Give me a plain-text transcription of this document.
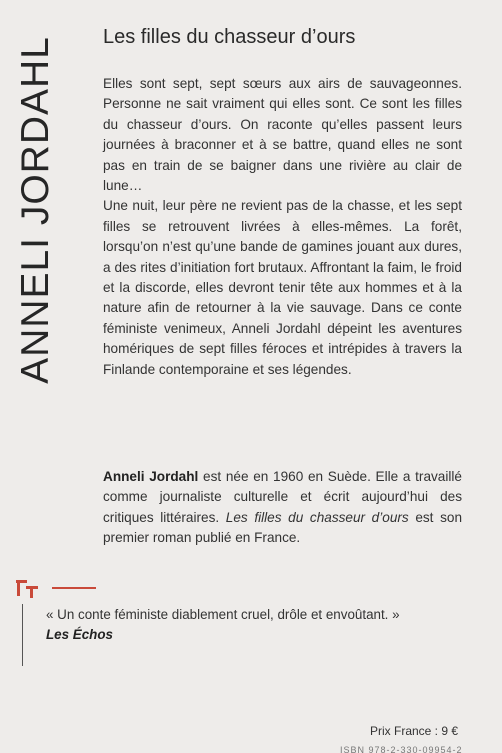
ANNELI JORDAHL Les filles du chasseur d’ours

Elles sont sept, sept sœurs aux airs de sauvageonnes. Personne ne sait vraiment qui elles sont. Ce sont les filles du chasseur d’ours. On raconte qu’elles passent leurs journées à braconner et à se battre, quand elles ne sont pas en train de se baigner dans une rivière au clair de lune…

Une nuit, leur père ne revient pas de la chasse, et les sept filles se retrouvent livrées à elles-mêmes. La forêt, lorsqu’on n’est qu’une bande de gamines jouant aux dures, a des rites d’initiation fort brutaux. Affrontant la faim, le froid et la discorde, elles devront tenir tête aux hommes et à la nature afin de retourner à la vie sauvage. Dans ce conte féministe venimeux, Anneli Jordahl dépeint les aventures homériques de sept filles féroces et intrépides à travers la Finlande contemporaine et ses légendes.

Anneli Jordahl est née en 1960 en Suède. Elle a travaillé comme journaliste culturelle et écrit aujourd’hui des critiques littéraires. Les filles du chasseur d’ours est son premier roman publié en France.
« Un conte féministe diablement cruel, drôle et envoûtant. »
Les Échos
Prix France : 9 €
ISBN 978-2-330-09954-2
